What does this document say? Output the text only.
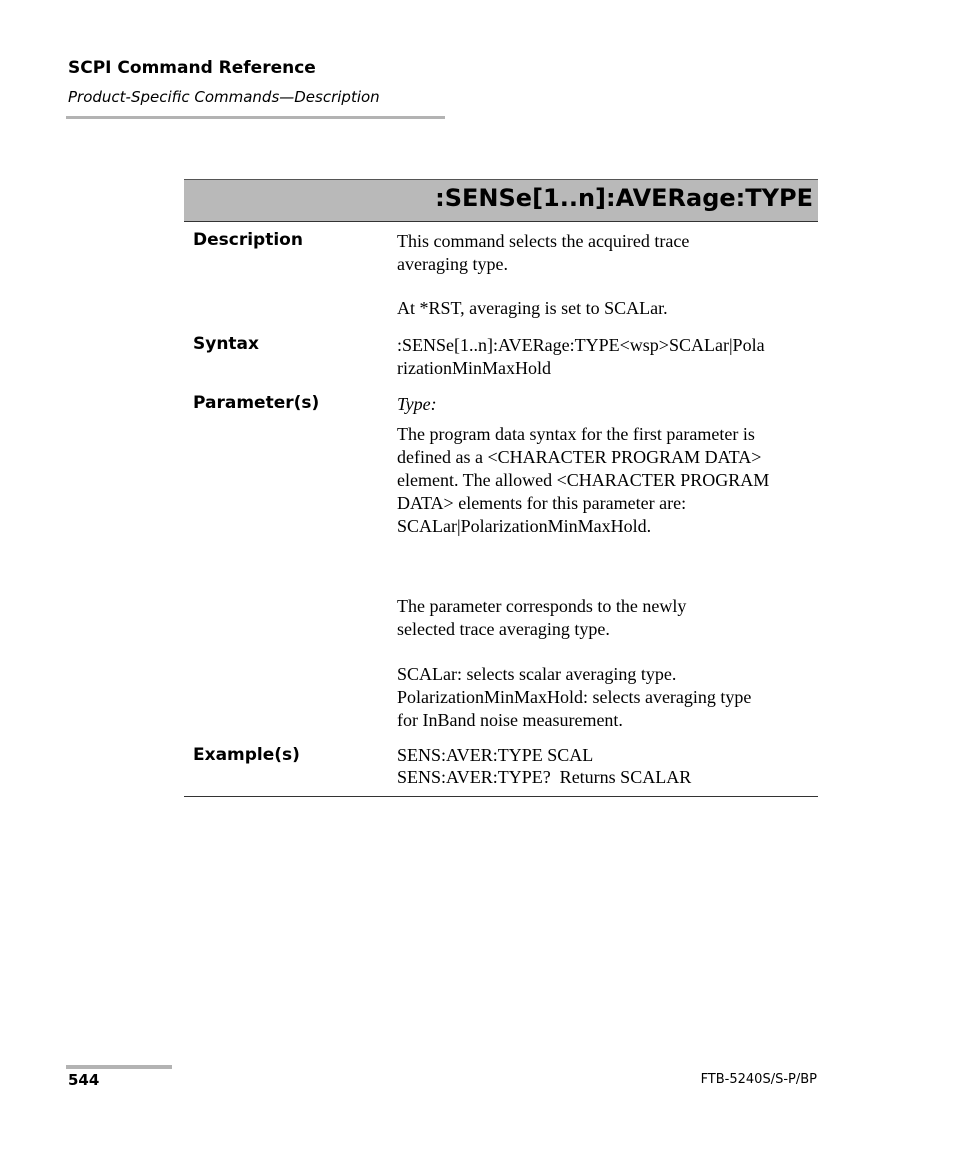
SCPI Command Reference
Product-Specific Commands—Description
:SENSe[1..n]:AVERage:TYPE
Description	This command selects the acquired trace
averaging type.
At *RST, averaging is set to SCALar.
Syntax	:SENSe[1..n]:AVERage:TYPE<wsp>SCALar|Pola
rizationMinMaxHold
Parameter(s)	Type:
The program data syntax for the first parameter is
defined as a <CHARACTER PROGRAM DATA>
element. The allowed <CHARACTER PROGRAM
DATA> elements for this parameter are:
SCALar|PolarizationMinMaxHold.
The parameter corresponds to the newly
selected trace averaging type.
SCALar: selects scalar averaging type.
PolarizationMinMaxHold: selects averaging type
for InBand noise measurement.
Example(s)	SENS:AVER:TYPE SCAL
SENS:AVER:TYPE?  Returns SCALAR
544	FTB-5240S/S-P/BP
